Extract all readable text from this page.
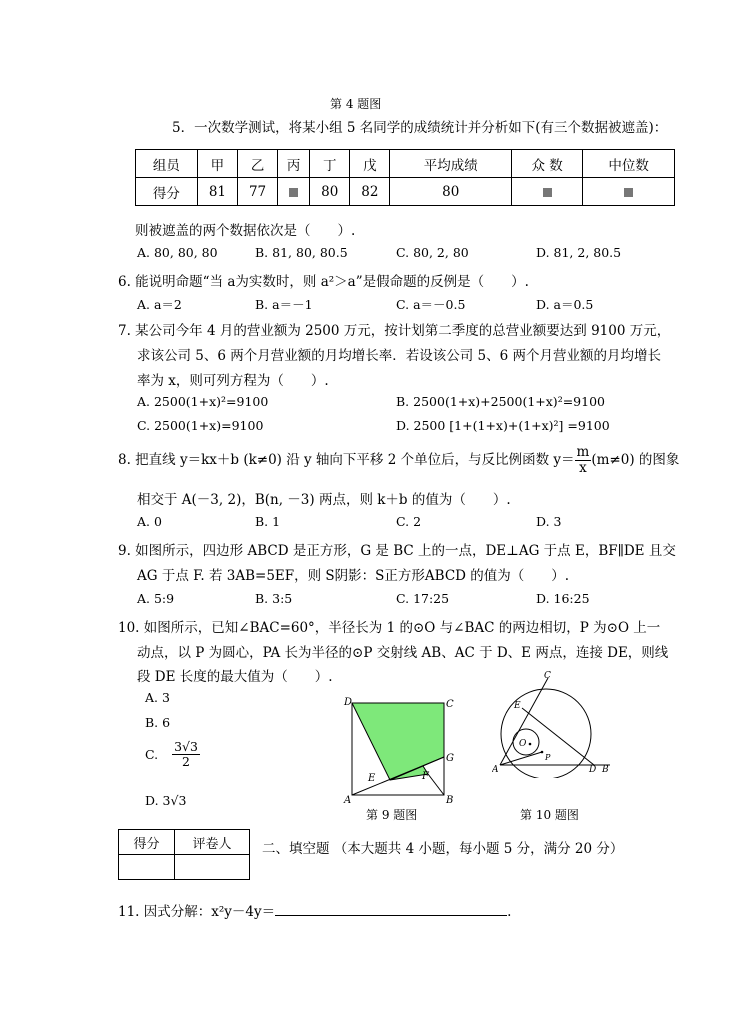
第 4 题图
5．一次数学测试，将某小组 5 名同学的成绩统计并分析如下(有三个数据被遮盖)：
组员	甲	乙	丙	丁	戊	平均成绩	众 数	中位数
得分	81	77		80	82	80		
则被遮盖的两个数据依次是（　　）.
A. 80, 80, 80	B. 81, 80, 80.5	C. 80, 2, 80	D. 81, 2, 80.5
6. 能说明命题“当 a为实数时，则 a²＞a”是假命题的反例是（　　）.
A. a＝2	B. a＝－1	C. a＝－0.5	D. a＝0.5
7. 某公司今年 4 月的营业额为 2500 万元，按计划第二季度的总营业额要达到 9100 万元，
求该公司 5、6 两个月营业额的月均增长率．若设该公司 5、6 两个月营业额的月均增长
率为 x，则可列方程为（　　）.
A. 2500(1+x)²=9100	B. 2500(1+x)+2500(1+x)²=9100
C. 2500(1+x)=9100	D. 2500 [1+(1+x)+(1+x)²] =9100
8. 把直线 y＝kx＋b (k≠0) 沿 y 轴向下平移 2 个单位后，与反比例函数 $y= \frac{m}{x} (m\ne 0)$ 的图象
相交于 A(－3, 2)，B(n, －3) 两点，则 k＋b 的值为（　　）.
A. 0	B. 1	C. 2	D. 3
9. 如图所示，四边形 ABCD 是正方形，G 是 BC 上的一点，DE⊥AG 于点 E，BF∥DE 且交
AG 于点 F. 若 3AB=5EF，则 S阴影：S正方形ABCD 的值为（　　）.
A. 5:9	B. 3:5	C. 17:25	D. 16:25
10. 如图所示，已知∠BAC=60°，半径长为 1 的⊙O 与∠BAC 的两边相切，P 为⊙O 上一
动点，以 P 为圆心，PA 长为半径的⊙P 交射线 AB、AC 于 D、E 两点，连接 DE，则线
段 DE 长度的最大值为（　　）.
A. 3
B. 6
C. $\frac{3√3}{2}$
D. 3√3
D	C
G
E	F
A	B
第 9 题图
C
O
P
A	D B
E
第 10 题图
得分	评卷人
	二、填空题 （本大题共 4 小题，每小题 5 分，满分 20 分）
11. 因式分解：x²y－4y＝	.
